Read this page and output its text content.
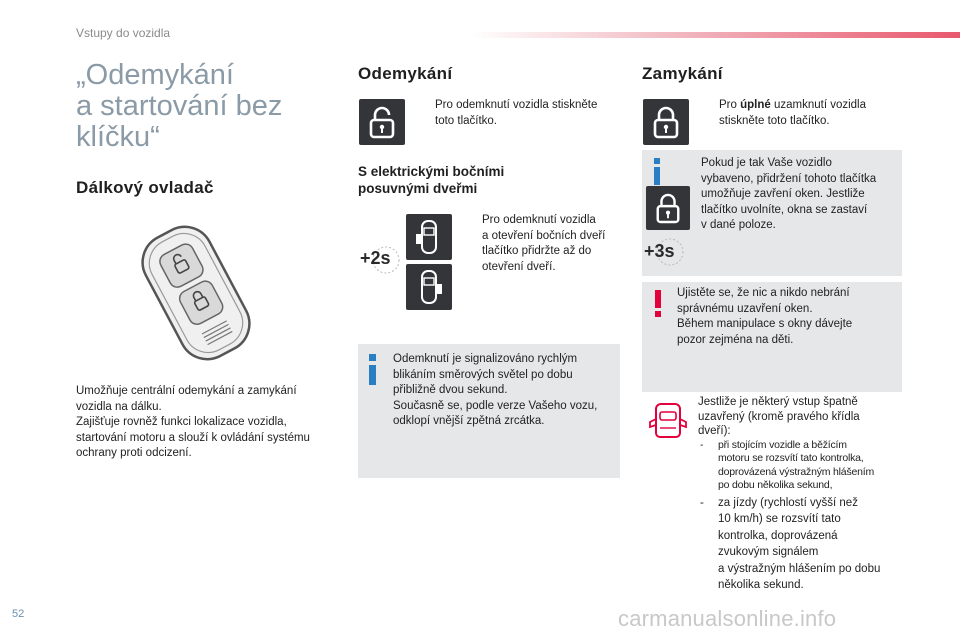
Vstupy do vozidla
„Odemykání
a startování bez
klíčku“
Dálkový ovladač
Umožňuje centrální odemykání a zamykání
vozidla na dálku.
Zajišťuje rovněž funkci lokalizace vozidla,
startování motoru a slouží k ovládání systému
ochrany proti odcizení.
Odemykání
Pro odemknutí vozidla stiskněte
toto tlačítko.
S elektrickými bočními
posuvnými dveřmi
+2s
Pro odemknutí vozidla
a otevření bočních dveří
tlačítko přidržte až do
otevření dveří.
Odemknutí je signalizováno rychlým
blikáním směrových světel po dobu
přibližně dvou sekund.
Současně se, podle verze Vašeho vozu,
odklopí vnější zpětná zrcátka.
Zamykání
Pro úplné uzamknutí vozidla
stiskněte toto tlačítko.
+3s
Pokud je tak Vaše vozidlo
vybaveno, přidržení tohoto tlačítka
umožňuje zavření oken. Jestliže
tlačítko uvolníte, okna se zastaví
v dané poloze.
Ujistěte se, že nic a nikdo nebrání
správnému uzavření oken.
Během manipulace s okny dávejte
pozor zejména na děti.
Jestliže je některý vstup špatně
uzavřený (kromě pravého křídla
dveří):
- při stojícím vozidle a běžícím
motoru se rozsvítí tato kontrolka,
doprovázená výstražným hlášením
po dobu několika sekund,
- za jízdy (rychlostí vyšší než
10 km/h) se rozsvítí tato
kontrolka, doprovázená
zvukovým signálem
a výstražným hlášením po dobu
několika sekund.
52	carmanualsonline.info
